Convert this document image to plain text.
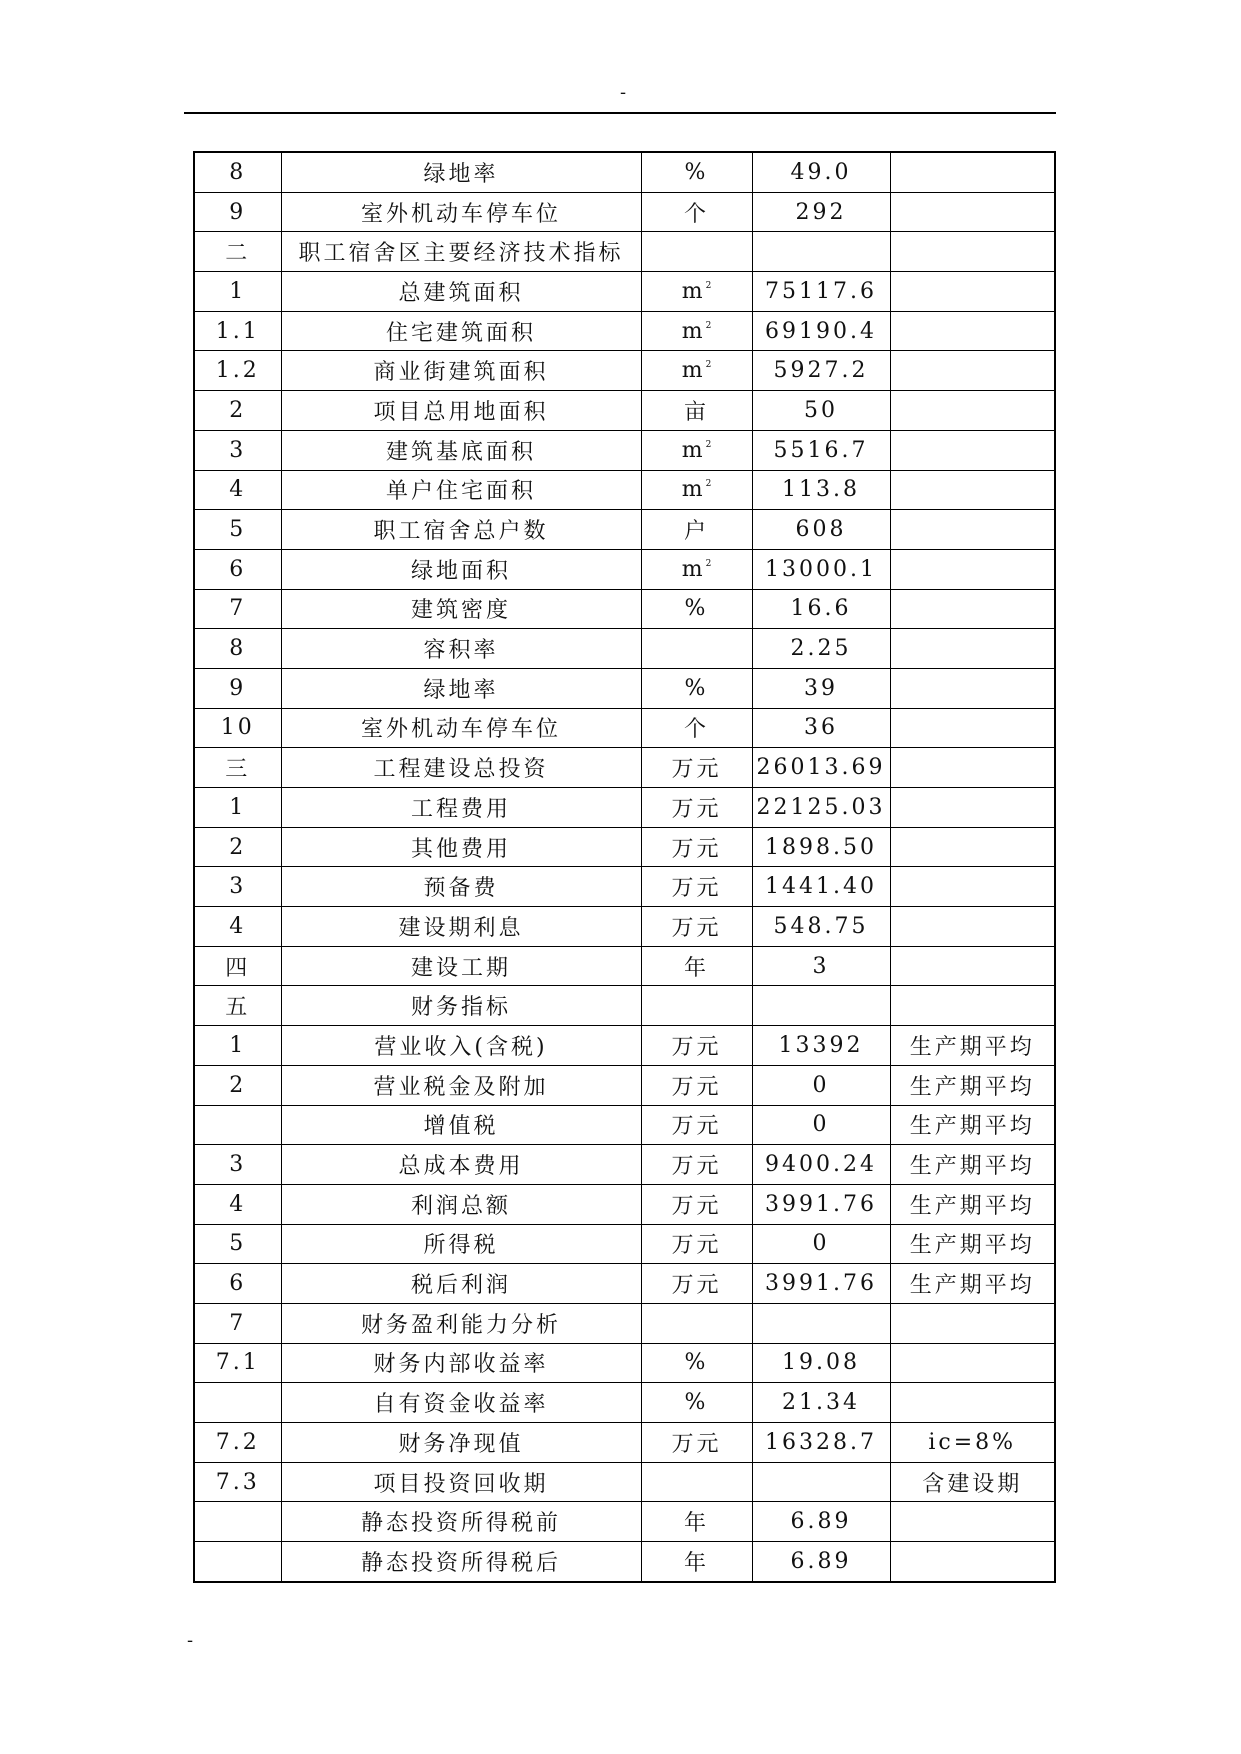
-
8	绿地率	%	49.0	
9	室外机动车停车位	个	292	
二	职工宿舍区主要经济技术指标			
1	总建筑面积	$m^2$	75117.6	
1.1	住宅建筑面积	$m^2$	69190.4	
1.2	商业街建筑面积	$m^2$	5927.2	
2	项目总用地面积	亩	50	
3	建筑基底面积	$m^2$	5516.7	
4	单户住宅面积	$m^2$	113.8	
5	职工宿舍总户数	户	608	
6	绿地面积	$m^2$	13000.1	
7	建筑密度	%	16.6	
8	容积率		2.25	
9	绿地率	%	39	
10	室外机动车停车位	个	36	
三	工程建设总投资	万元	26013.69	
1	工程费用	万元	22125.03	
2	其他费用	万元	1898.50	
3	预备费	万元	1441.40	
4	建设期利息	万元	548.75	
四	建设工期	年	3	
五	财务指标			
1	营业收入(含税)	万元	13392	生产期平均
2	营业税金及附加	万元	0	生产期平均
	增值税	万元	0	生产期平均
3	总成本费用	万元	9400.24	生产期平均
4	利润总额	万元	3991.76	生产期平均
5	所得税	万元	0	生产期平均
6	税后利润	万元	3991.76	生产期平均
7	财务盈利能力分析			
7.1	财务内部收益率	%	19.08	
	自有资金收益率	%	21.34	
7.2	财务净现值	万元	16328.7	ic=8%
7.3	项目投资回收期			含建设期
	静态投资所得税前	年	6.89	
	静态投资所得税后	年	6.89	
-
